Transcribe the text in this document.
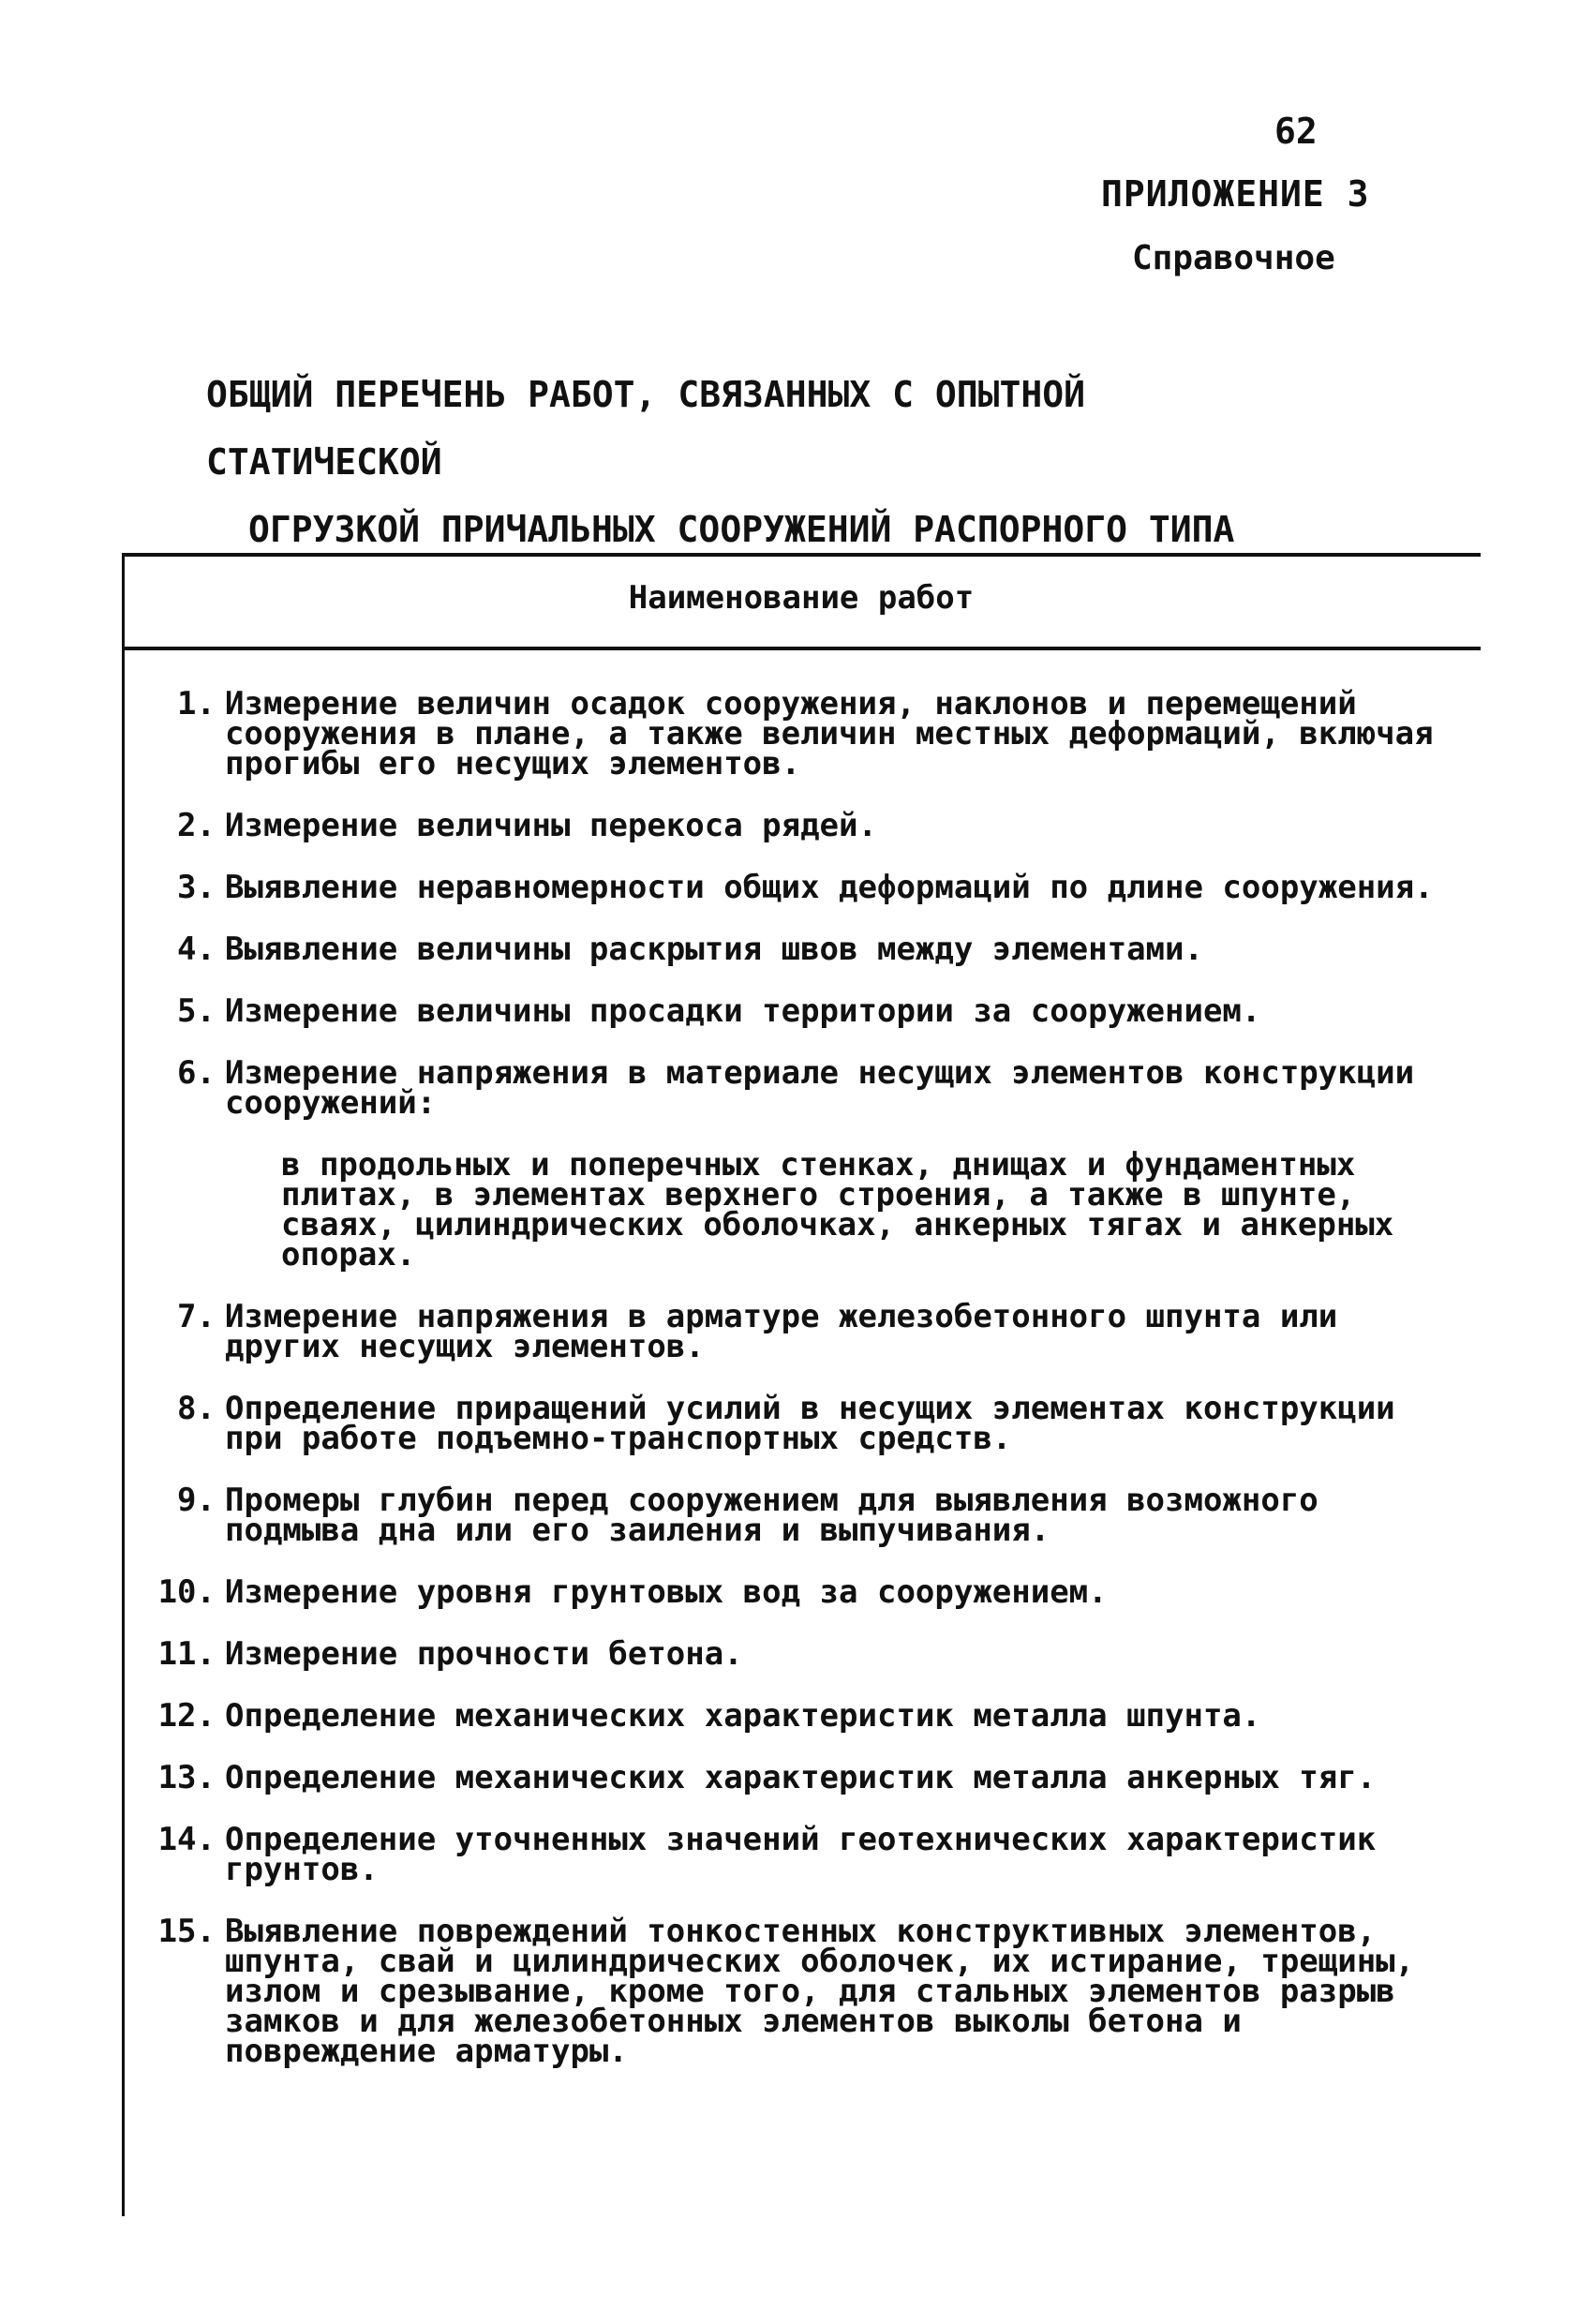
62
ПРИЛОЖЕНИЕ 3
Справочное
ОБЩИЙ ПЕРЕЧЕНЬ РАБОТ, СВЯЗАННЫХ С ОПЫТНОЙ СТАТИЧЕСКОЙ
ОГРУЗКОЙ ПРИЧАЛЬНЫХ СООРУЖЕНИЙ РАСПОРНОГО ТИПА
Наименование работ
1. Измерение величин осадок сооружения, наклонов и перемещений сооружения в плане, а также величин местных деформаций, включая прогибы его несущих элементов.
2. Измерение величины перекоса рядей.
3. Выявление неравномерности общих деформаций по длине сооружения.
4. Выявление величины раскрытия швов между элементами.
5. Измерение величины просадки территории за сооружением.
6. Измерение напряжения в материале несущих элементов конструкции сооружений:
в продольных и поперечных стенках, днищах и фундаментных плитах, в элементах верхнего строения, а также в шпунте, сваях, цилиндрических оболочках, анкерных тягах и анкерных опорах.
7. Измерение напряжения в арматуре железобетонного шпунта или других несущих элементов.
8. Определение приращений усилий в несущих элементах конструкции при работе подъемно-транспортных средств.
9. Промеры глубин перед сооружением для выявления возможного подмыва дна или его заиления и выпучивания.
10. Измерение уровня грунтовых вод за сооружением.
11. Измерение прочности бетона.
12. Определение механических характеристик металла шпунта.
13. Определение механических характеристик металла анкерных тяг.
14. Определение уточненных значений геотехнических характеристик грунтов.
15. Выявление повреждений тонкостенных конструктивных элементов, шпунта, свай и цилиндрических оболочек, их истирание, трещины, излом и срезывание, кроме того, для стальных элементов разрыв замков и для железобетонных элементов выколы бетона и повреждение арматуры.
